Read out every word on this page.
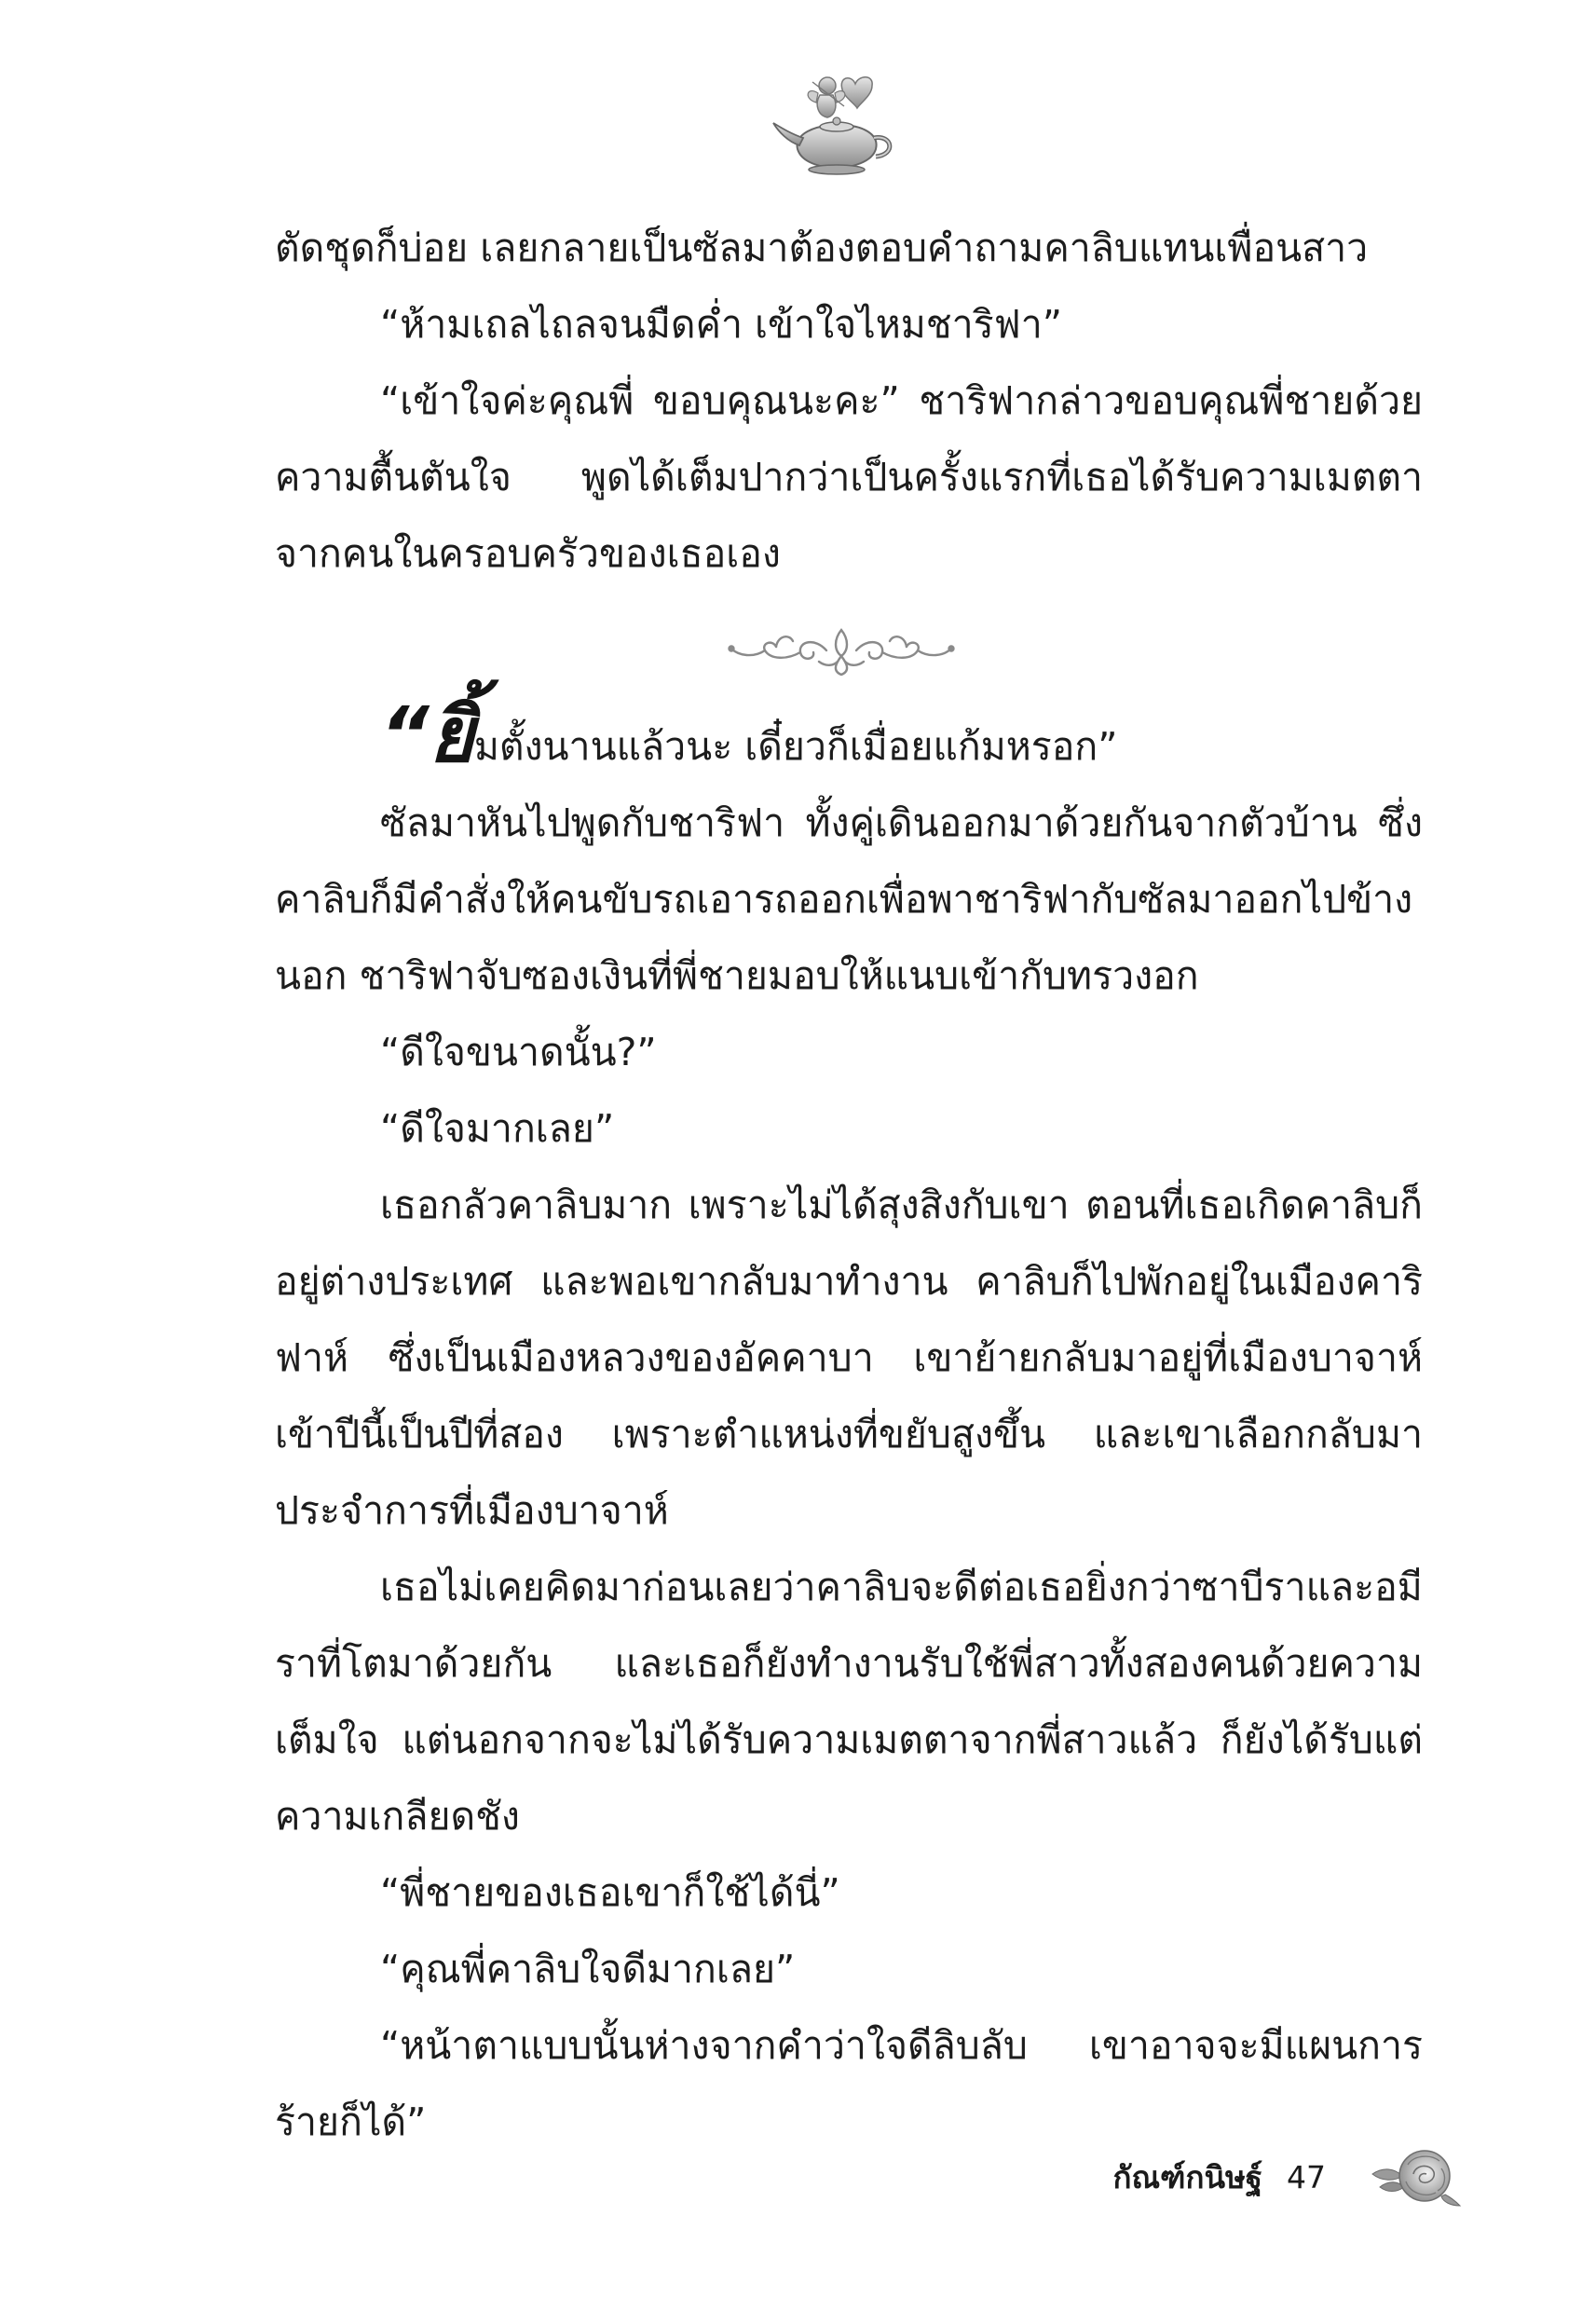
ตัดชุดก็บ่อย เลยกลายเป็นซัลมาต้องตอบคำถามคาลิบแทนเพื่อนสาว

“ห้ามเถลไถลจนมืดค่ำ เข้าใจไหมชาริฟา”

“เข้าใจค่ะคุณพี่ ขอบคุณนะคะ” ชาริฟากล่าวขอบคุณพี่ชายด้วยความตื้นตันใจ พูดได้เต็มปากว่าเป็นครั้งแรกที่เธอได้รับความเมตตาจากคนในครอบครัวของเธอเอง

“ยิ้มตั้งนานแล้วนะ เดี๋ยวก็เมื่อยแก้มหรอก”

ซัลมาหันไปพูดกับชาริฟา ทั้งคู่เดินออกมาด้วยกันจากตัวบ้าน ซึ่งคาลิบก็มีคำสั่งให้คนขับรถเอารถออกเพื่อพาชาริฟากับซัลมาออกไปข้างนอก ชาริฟาจับซองเงินที่พี่ชายมอบให้แนบเข้ากับทรวงอก

“ดีใจขนาดนั้น?”

“ดีใจมากเลย”

เธอกลัวคาลิบมาก เพราะไม่ได้สุงสิงกับเขา ตอนที่เธอเกิดคาลิบก็อยู่ต่างประเทศ และพอเขากลับมาทำงาน คาลิบก็ไปพักอยู่ในเมืองคาริฟาห์ ซึ่งเป็นเมืองหลวงของอัคคาบา เขาย้ายกลับมาอยู่ที่เมืองบาจาห์เข้าปีนี้เป็นปีที่สอง เพราะตำแหน่งที่ขยับสูงขึ้น และเขาเลือกกลับมาประจำการที่เมืองบาจาห์

เธอไม่เคยคิดมาก่อนเลยว่าคาลิบจะดีต่อเธอยิ่งกว่าซาบีราและอมีราที่โตมาด้วยกัน และเธอก็ยังทำงานรับใช้พี่สาวทั้งสองคนด้วยความเต็มใจ แต่นอกจากจะไม่ได้รับความเมตตาจากพี่สาวแล้ว ก็ยังได้รับแต่ความเกลียดชัง

“พี่ชายของเธอเขาก็ใช้ได้นี่”

“คุณพี่คาลิบใจดีมากเลย”

“หน้าตาแบบนั้นห่างจากคำว่าใจดีลิบลับ เขาอาจจะมีแผนการร้ายก็ได้”

กัณฑ์กนิษฐ์ 47
